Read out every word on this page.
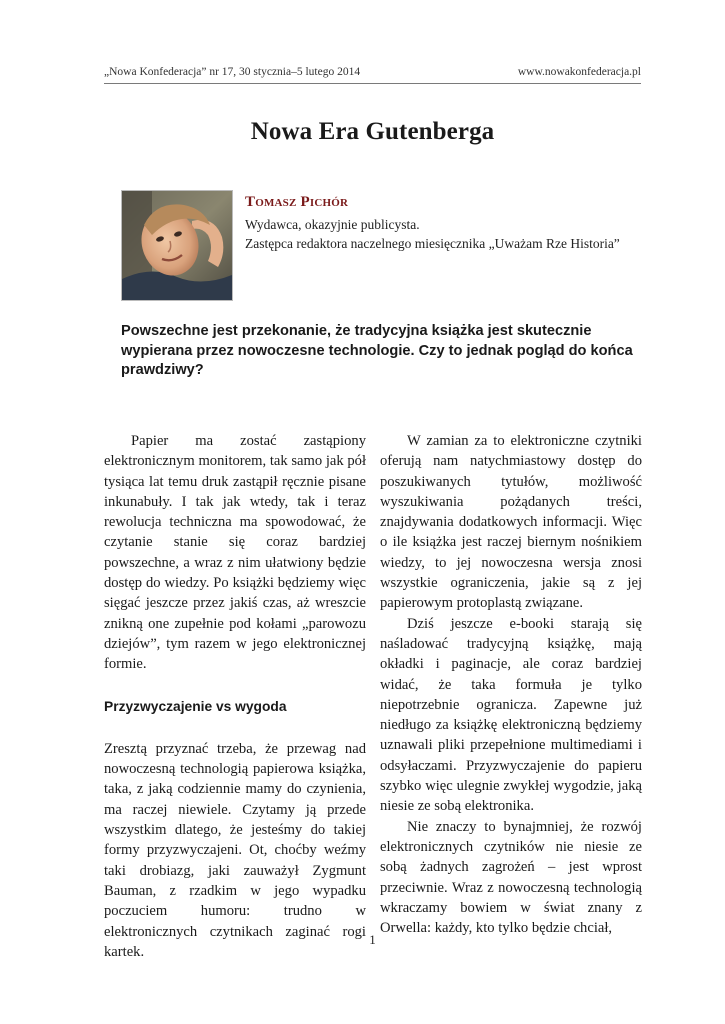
„Nowa Konfederacja” nr 17, 30 stycznia–5 lutego 2014	www.nowakonfederacja.pl
Nowa Era Gutenberga
Tomasz Pichór
Wydawca, okazyjnie publicysta.
Zastępca redaktora naczelnego miesięcznika „Uważam Rze Historia”
Powszechne jest przekonanie, że tradycyjna książka jest skutecznie wypierana przez nowoczesne technologie. Czy to jednak pogląd do końca prawdziwy?

Papier ma zostać zastąpiony elektronicznym monitorem, tak samo jak pół tysiąca lat temu druk zastąpił ręcznie pisane inkunabuły. I tak jak wtedy, tak i teraz rewolucja techniczna ma spowodować, że czytanie stanie się coraz bardziej powszechne, a wraz z nim ułatwiony będzie dostęp do wiedzy. Po książki będziemy więc sięgać jeszcze przez jakiś czas, aż wreszcie znikną one zupełnie pod kołami „parowozu dziejów”, tym razem w jego elektronicznej formie.

Przyzwyczajenie vs wygoda

Zresztą przyznać trzeba, że przewag nad nowoczesną technologią papierowa książka, taka, z jaką codziennie mamy do czynienia, ma raczej niewiele. Czytamy ją przede wszystkim dlatego, że jesteśmy do takiej formy przyzwyczajeni. Ot, choćby weźmy taki drobiazg, jaki zauważył Zygmunt Bauman, z rzadkim w jego wypadku poczuciem humoru: trudno w elektronicznych czytnikach zaginać rogi kartek.

W zamian za to elektroniczne czytniki oferują nam natychmiastowy dostęp do poszukiwanych tytułów, możliwość wyszukiwania pożądanych treści, znajdywania dodatkowych informacji. Więc o ile książka jest raczej biernym nośnikiem wiedzy, to jej nowoczesna wersja znosi wszystkie ograniczenia, jakie są z jej papierowym protoplastą związane.

Dziś jeszcze e-booki starają się naśladować tradycyjną książkę, mają okładki i paginacje, ale coraz bardziej widać, że taka formuła je tylko niepotrzebnie ogranicza. Zapewne już niedługo za książkę elektroniczną będziemy uznawali pliki przepełnione multimediami i odsyłaczami. Przyzwyczajenie do papieru szybko więc ulegnie zwykłej wygodzie, jaką niesie ze sobą elektronika.

Nie znaczy to bynajmniej, że rozwój elektronicznych czytników nie niesie ze sobą żadnych zagrożeń – jest wprost przeciwnie. Wraz z nowoczesną technologią wkraczamy bowiem w świat znany z Orwella: każdy, kto tylko będzie chciał,

1
